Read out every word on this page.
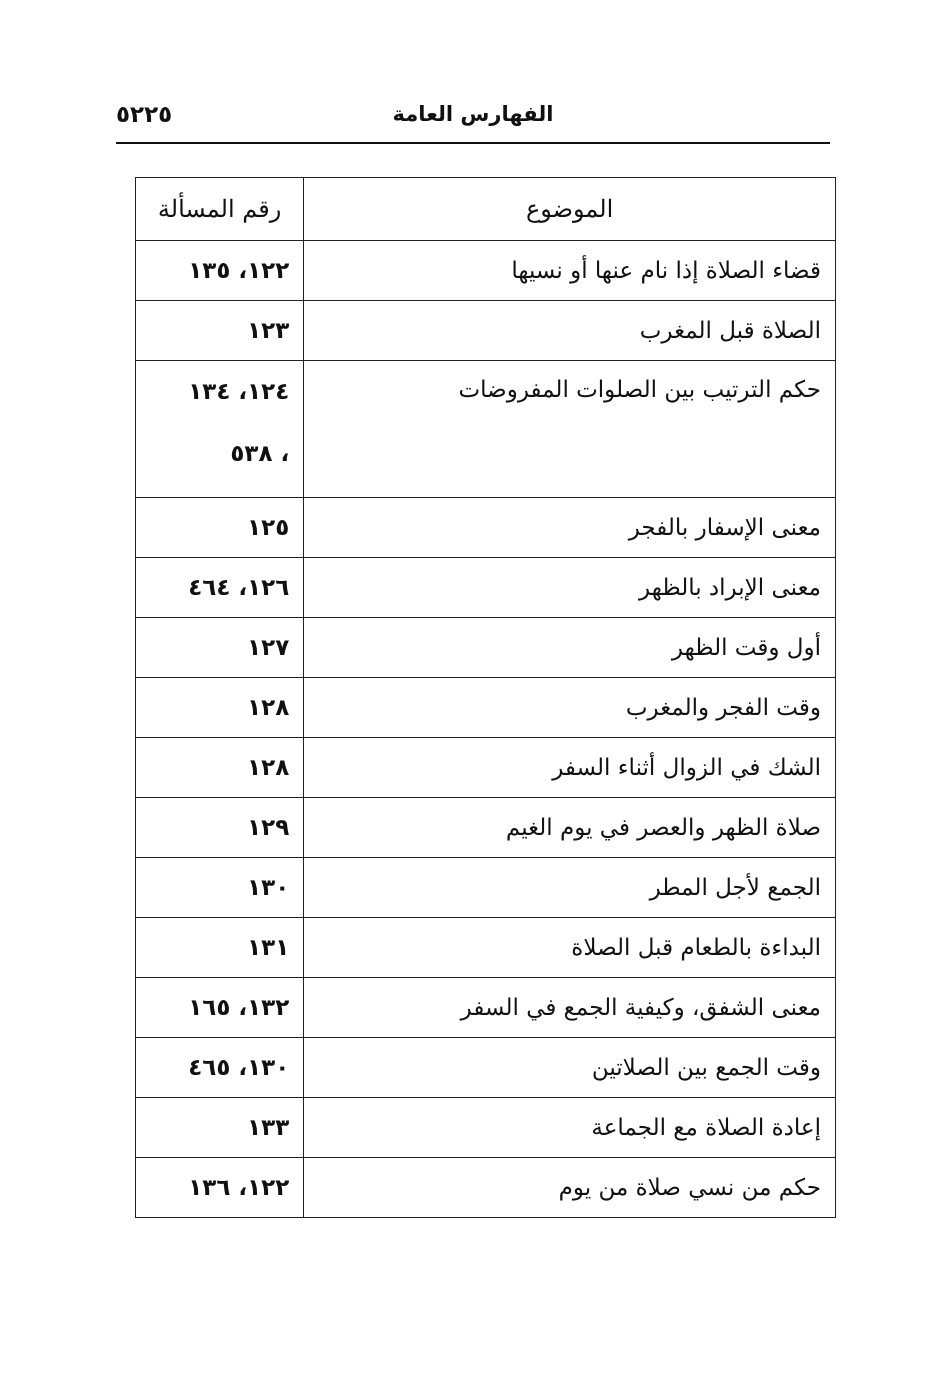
الفهارس العامة
٥٢٢٥
الموضوع	رقم المسألة
قضاء الصلاة إذا نام عنها أو نسيها	١٢٢، ١٣٥
الصلاة قبل المغرب	١٢٣
حكم الترتيب بين الصلوات المفروضات	١٢٤، ١٣٤
، ٥٣٨

معنى الإسفار بالفجر	١٢٥
معنى الإبراد بالظهر	١٢٦، ٤٦٤
أول وقت الظهر	١٢٧
وقت الفجر والمغرب	١٢٨
الشك في الزوال أثناء السفر	١٢٨
صلاة الظهر والعصر في يوم الغيم	١٢٩
الجمع لأجل المطر	١٣٠
البداءة بالطعام قبل الصلاة	١٣١
معنى الشفق، وكيفية الجمع في السفر	١٣٢، ١٦٥
وقت الجمع بين الصلاتين	١٣٠، ٤٦٥
إعادة الصلاة مع الجماعة	١٣٣
حكم من نسي صلاة من يوم	١٢٢، ١٣٦
